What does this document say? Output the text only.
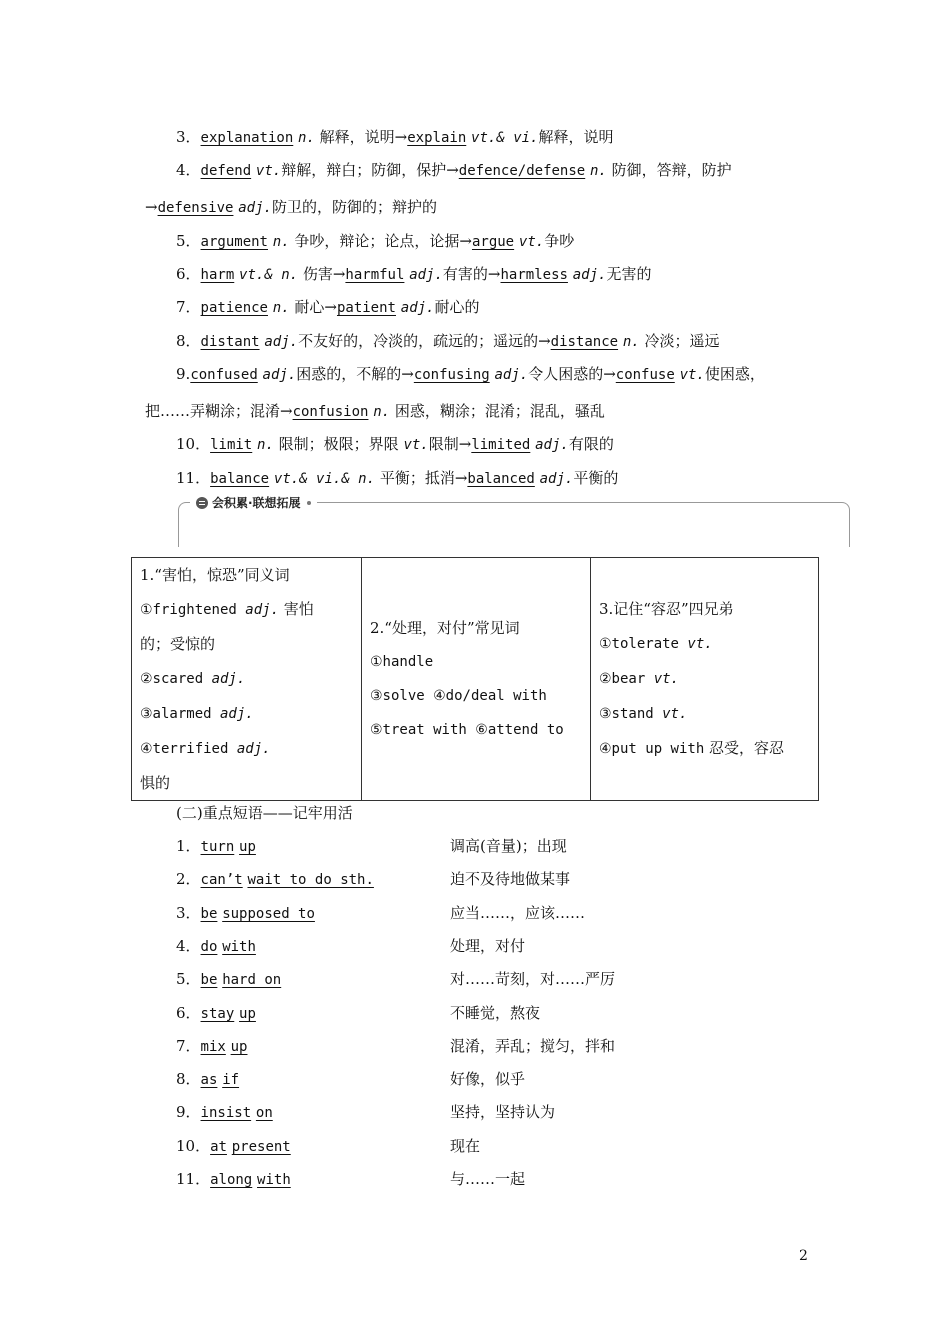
3．explanation n. 解释，说明→explain vt.& vi.解释，说明
4．defend vt.辩解，辩白；防御，保护→defence/defense n. 防御，答辩，防护
→defensive adj.防卫的，防御的；辩护的
5．argument n. 争吵，辩论；论点，论据→argue vt.争吵
6．harm vt.& n. 伤害→harmful adj.有害的→harmless adj.无害的
7．patience n. 耐心→patient adj.耐心的
8．distant adj.不友好的，冷淡的，疏远的；遥远的→distance n. 冷淡；遥远
9.confused adj.困惑的，不解的→confusing adj.令人困惑的→confuse vt.使困惑，
把……弄糊涂；混淆→confusion n. 困惑，糊涂；混淆；混乱，骚乱
10．limit n. 限制；极限；界限 vt.限制→limited adj.有限的
11．balance vt.& vi.& n. 平衡；抵消→balanced adj.平衡的
会积累·联想拓展
1.“害怕，惊恐”同义词
①frightened adj. 害怕
的；受惊的
②scared adj.
③alarmed adj.
④terrified adj.
惧的

2.“处理，对付”常见词
①handle
③solve ④do/deal with
⑤treat with ⑥attend to

3.记住“容忍”四兄弟
①tolerate vt.
②bear vt.
③stand vt.
④put up with 忍受，容忍
(二)重点短语——记牢用活
1．turn up	调高(音量)；出现
2．can’t wait to do sth.	迫不及待地做某事
3．be supposed to	应当……，应该……
4．do with	处理，对付
5．be hard on	对……苛刻，对……严厉
6．stay up	不睡觉，熬夜
7．mix up	混淆，弄乱；搅匀，拌和
8．as if	好像，似乎
9．insist on	坚持，坚持认为
10．at present	现在
11．along with	与……一起
2
